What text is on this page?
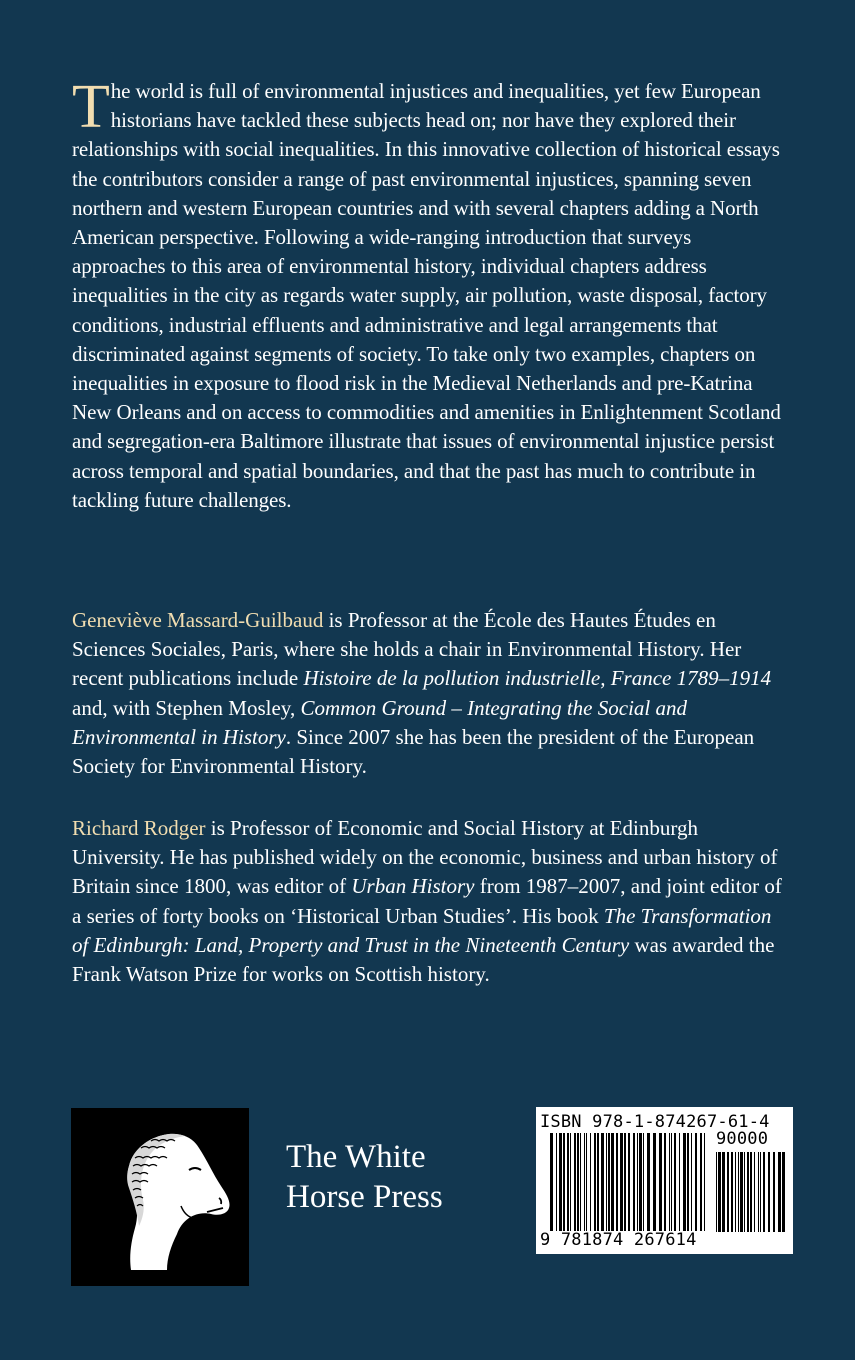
The world is full of environmental injustices and inequalities, yet few European historians have tackled these subjects head on; nor have they explored their relationships with social inequalities. In this innovative collection of historical essays the contributors consider a range of past environmental injustices, spanning seven northern and western European countries and with several chapters adding a North American perspective. Following a wide-ranging introduction that surveys approaches to this area of environmental history, individual chapters address inequalities in the city as regards water supply, air pollution, waste disposal, factory conditions, industrial effluents and administrative and legal arrangements that discriminated against segments of society. To take only two examples, chapters on inequalities in exposure to flood risk in the Medieval Netherlands and pre-Katrina New Orleans and on access to commodities and amenities in Enlightenment Scotland and segregation-era Baltimore illustrate that issues of environmental injustice persist across temporal and spatial boundaries, and that the past has much to contribute in tackling future challenges.

Geneviève Massard-Guilbaud is Professor at the École des Hautes Études en Sciences Sociales, Paris, where she holds a chair in Environmental History. Her recent publications include Histoire de la pollution industrielle, France 1789–1914 and, with Stephen Mosley, Common Ground – Integrating the Social and Environmental in History. Since 2007 she has been the president of the European Society for Environmental History.

Richard Rodger is Professor of Economic and Social History at Edinburgh University. He has published widely on the economic, business and urban history of Britain since 1800, was editor of Urban History from 1987–2007, and joint editor of a series of forty books on ‘Historical Urban Studies’. His book The Transformation of Edinburgh: Land, Property and Trust in the Nineteenth Century was awarded the Frank Watson Prize for works on Scottish history.

The White
Horse Press
ISBN 978-1-874267-61-4
90000
9 781874 267614
